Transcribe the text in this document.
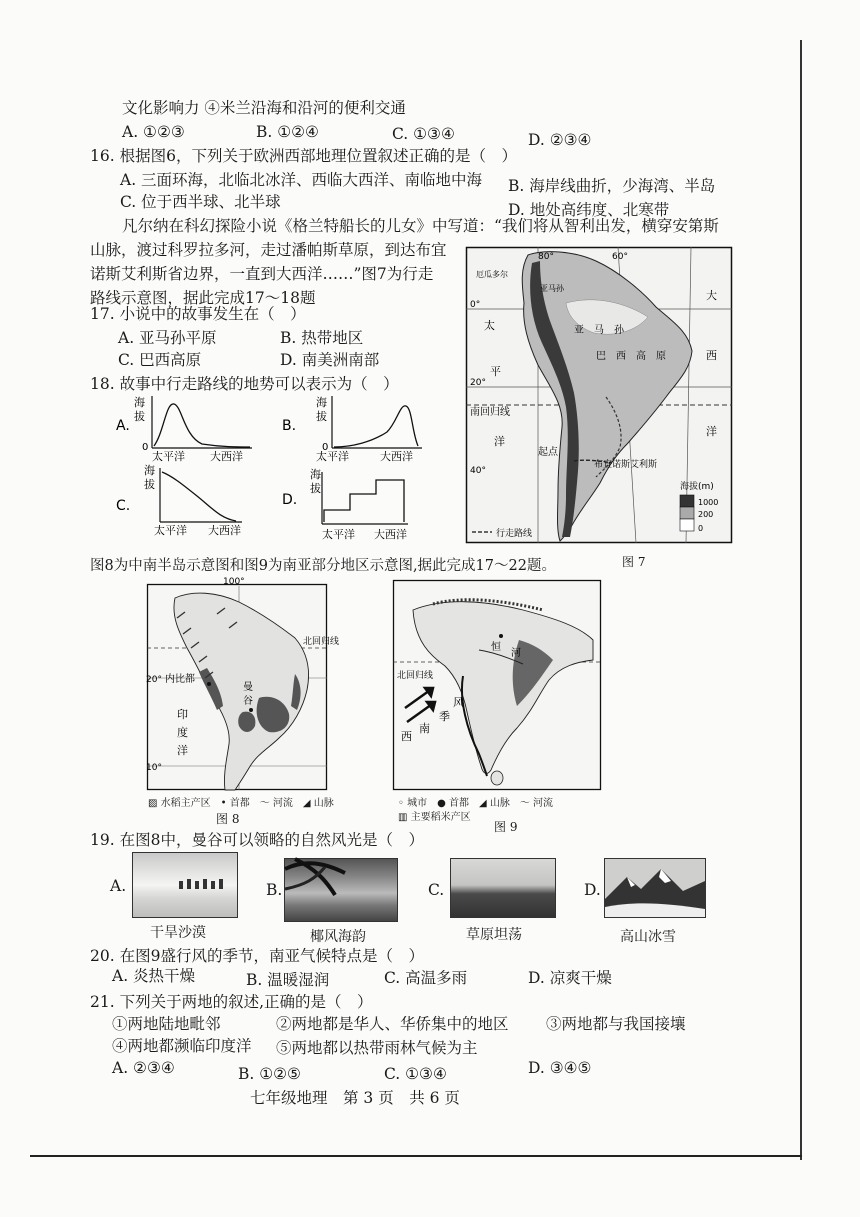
文化影响力 ④米兰沿海和沿河的便利交通
A. ①②③	B. ①②④	C. ①③④	D. ②③④
16. 根据图6，下列关于欧洲西部地理位置叙述正确的是（　）
A. 三面环海，北临北冰洋、西临大西洋、南临地中海 B. 海岸线曲折，少海湾、半岛
C. 位于西半球、北半球	D. 地处高纬度、北寒带
凡尔纳在科幻探险小说《格兰特船长的儿女》中写道：“我们将从智利出发，横穿安第斯
山脉，渡过科罗拉多河，走过潘帕斯草原，到达布宜
诺斯艾利斯省边界，一直到大西洋……”图7为行走
路线示意图，据此完成17～18题
17. 小说中的故事发生在（　）
A. 亚马孙平原	B. 热带地区
C. 巴西高原	D. 南美洲南部
18. 故事中行走路线的地势可以表示为（　）
A.
海
拔
0
太平洋 大西洋
B.
海
拔
0
太平洋	大西洋
C.
海
拔
太平洋 大西洋
D.
海
拔
太平洋 大西洋
80°	60°
0°
20°
40°
南回归线
大
西
洋
太
平
洋
亚　马　孙
巴　西　高　原
起点
布宜诺斯艾利斯
厄瓜多尔
亚马孙
海拔(m)
1000
200
0
行走路线
图 7
图8为中南半岛示意图和图9为南亚部分地区示意图,据此完成17～22题。
100°
北回归线
20°
10°
内比都
曼
谷
印
度
洋
▨ 水稻主产区　• 首都　〜 河流　◢ 山脉
图 8
北回归线
恒
河
西
南
季
风
◦ 城市　● 首都　◢ 山脉　〜 河流
▥ 主要稻米产区
图 9
19. 在图8中，曼谷可以领略的自然风光是（　）
A.
干旱沙漠
B.
椰风海韵
C.
草原坦荡
D.
高山冰雪
20. 在图9盛行风的季节，南亚气候特点是（　）
A. 炎热干燥	B. 温暖湿润	C. 高温多雨	D. 凉爽干燥
21. 下列关于两地的叙述,正确的是（　）
①两地陆地毗邻	②两地都是华人、华侨集中的地区 ③两地都与我国接壤
④两地都濒临印度洋 ⑤两地都以热带雨林气候为主
A. ②③④	B. ①②⑤	C. ①③④	D. ③④⑤
七年级地理　第 3 页　共 6 页
